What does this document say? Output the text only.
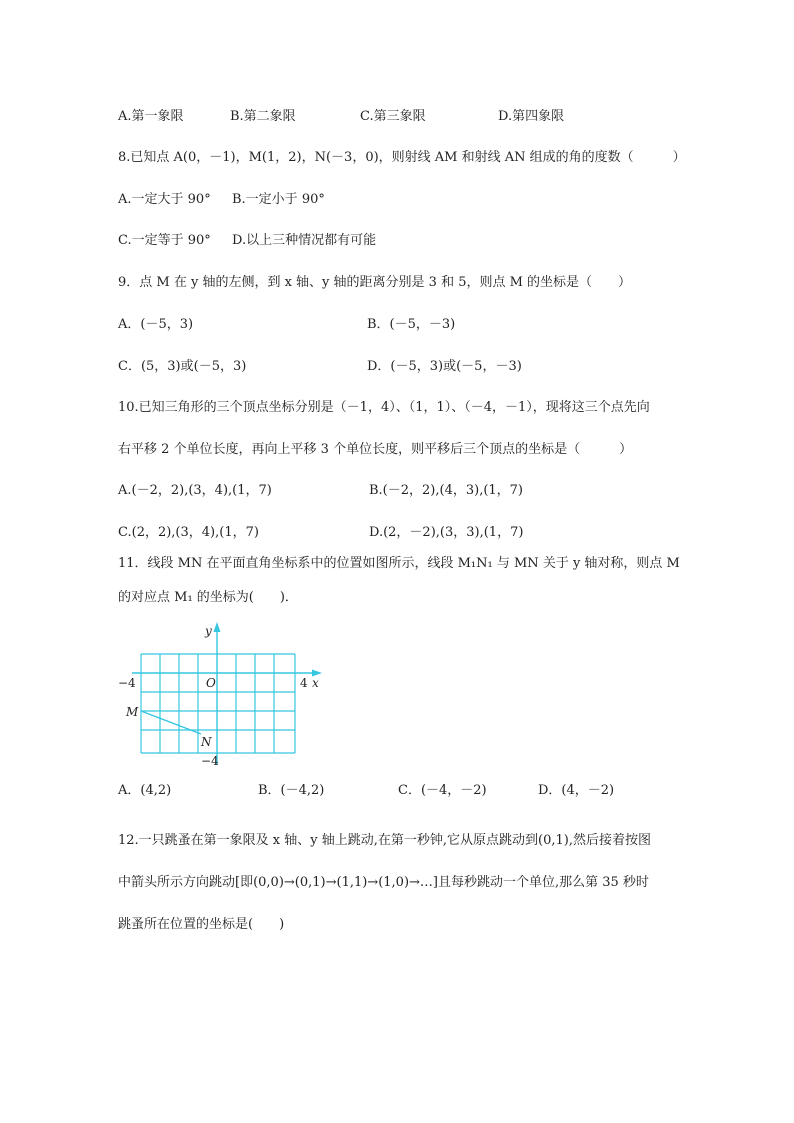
A.第一象限	B.第二象限	C.第三象限	D.第四象限
8.已知点 A(0，－1)，M(1，2)，N(－3，0)，则射线 AM 和射线 AN 组成的角的度数（　　　）
A.一定大于 90° B.一定小于 90°
C.一定等于 90° D.以上三种情况都有可能
9．点 M 在 y 轴的左侧，到 x 轴、y 轴的距离分别是 3 和 5，则点 M 的坐标是（　　）
A．(－5，3)	B．(－5，－3)
C．(5，3)或(－5，3)	D．(－5，3)或(－5，－3)
10.已知三角形的三个顶点坐标分别是（－1，4）、（1，1）、（－4，－1），现将这三个点先向
右平移 2 个单位长度，再向上平移 3 个单位长度，则平移后三个顶点的坐标是（　　　）
A.(－2，2),(3，4),(1，7)	B.(－2，2),(4，3),(1，7)
C.(2，2),(3，4),(1，7)	D.(2，－2),(3，3),(1，7)
11．线段 MN 在平面直角坐标系中的位置如图所示，线段 M₁N₁ 与 MN 关于 y 轴对称，则点 M
的对应点 M₁ 的坐标为(　　)．
y
x
O
−4	4
−4
M
N
A．(4,2)	B．(－4,2)	C．(－4，－2)	D．(4，－2)
12.一只跳蚤在第一象限及 x 轴、y 轴上跳动,在第一秒钟,它从原点跳动到(0,1),然后接着按图
中箭头所示方向跳动[即(0,0)→(0,1)→(1,1)→(1,0)→…]且每秒跳动一个单位,那么第 35 秒时
跳蚤所在位置的坐标是(　　)
